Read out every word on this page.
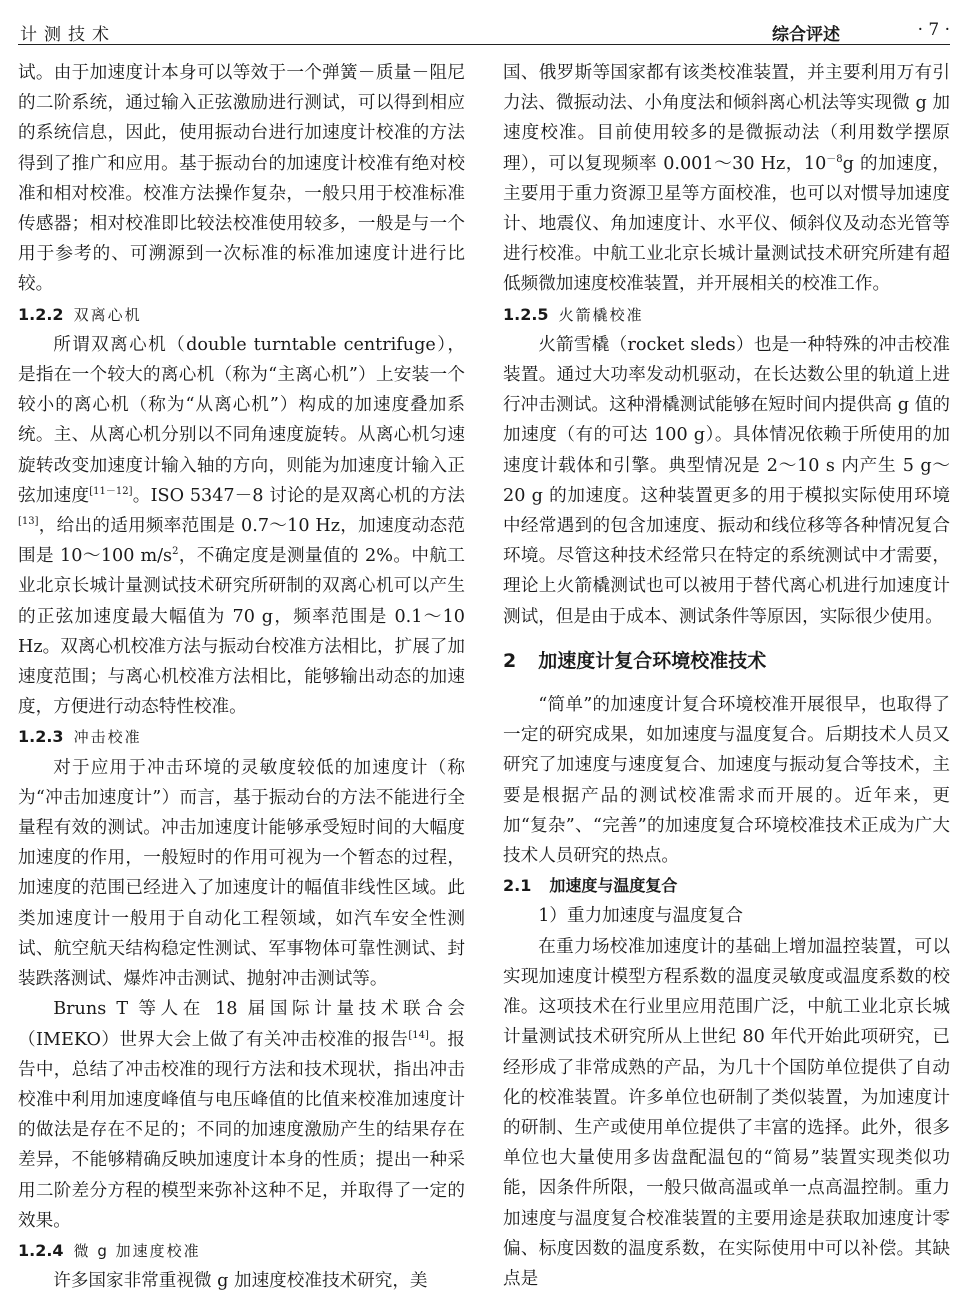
计测技术	综合评述	· 7 ·

试。由于加速度计本身可以等效于一个弹簧－质量－阻尼的二阶系统，通过输入正弦激励进行测试，可以得到相应的系统信息，因此，使用振动台进行加速度计校准的方法得到了推广和应用。基于振动台的加速度计校准有绝对校准和相对校准。校准方法操作复杂，一般只用于校准标准传感器；相对校准即比较法校准使用较多，一般是与一个用于参考的、可溯源到一次标准的标准加速度计进行比较。

1.2.2 双离心机

所谓双离心机（double turntable centrifuge），是指在一个较大的离心机（称为“主离心机”）上安装一个较小的离心机（称为“从离心机”）构成的加速度叠加系统。主、从离心机分别以不同角速度旋转。从离心机匀速旋转改变加速度计输入轴的方向，则能为加速度计输入正弦加速度[11－12]。ISO 5347－8 讨论的是双离心机的方法[13]，给出的适用频率范围是 0.7～10 Hz，加速度动态范围是 10～100 $m/s^2$，不确定度是测量值的 2%。中航工业北京长城计量测试技术研究所研制的双离心机可以产生的正弦加速度最大幅值为 70 g，频率范围是 0.1～10 Hz。双离心机校准方法与振动台校准方法相比，扩展了加速度范围；与离心机校准方法相比，能够输出动态的加速度，方便进行动态特性校准。

1.2.3 冲击校准

对于应用于冲击环境的灵敏度较低的加速度计（称为“冲击加速度计”）而言，基于振动台的方法不能进行全量程有效的测试。冲击加速度计能够承受短时间的大幅度加速度的作用，一般短时的作用可视为一个暂态的过程，加速度的范围已经进入了加速度计的幅值非线性区域。此类加速度计一般用于自动化工程领域，如汽车安全性测试、航空航天结构稳定性测试、军事物体可靠性测试、封装跌落测试、爆炸冲击测试、抛射冲击测试等。

Bruns T 等人在 18 届国际计量技术联合会（IMEKO）世界大会上做了有关冲击校准的报告[14]。报告中，总结了冲击校准的现行方法和技术现状，指出冲击校准中利用加速度峰值与电压峰值的比值来校准加速度计的做法是存在不足的；不同的加速度激励产生的结果存在差异，不能够精确反映加速度计本身的性质；提出一种采用二阶差分方程的模型来弥补这种不足，并取得了一定的效果。

1.2.4 微 g 加速度校准

许多国家非常重视微 g 加速度校准技术研究，美

国、俄罗斯等国家都有该类校准装置，并主要利用万有引力法、微振动法、小角度法和倾斜离心机法等实现微 g 加速度校准。目前使用较多的是微振动法（利用数学摆原理），可以复现频率 0.001～30 Hz，$10^{-8}g$ 的加速度，主要用于重力资源卫星等方面校准，也可以对惯导加速度计、地震仪、角加速度计、水平仪、倾斜仪及动态光管等进行校准。中航工业北京长城计量测试技术研究所建有超低频微加速度校准装置，并开展相关的校准工作。

1.2.5 火箭橇校准

火箭雪橇（rocket sleds）也是一种特殊的冲击校准装置。通过大功率发动机驱动，在长达数公里的轨道上进行冲击测试。这种滑橇测试能够在短时间内提供高 g 值的加速度（有的可达 100 g）。具体情况依赖于所使用的加速度计载体和引擎。典型情况是 2～10 s 内产生 5 g～20 g 的加速度。这种装置更多的用于模拟实际使用环境中经常遇到的包含加速度、振动和线位移等各种情况复合环境。尽管这种技术经常只在特定的系统测试中才需要，理论上火箭橇测试也可以被用于替代离心机进行加速度计测试，但是由于成本、测试条件等原因，实际很少使用。

2 加速度计复合环境校准技术

“简单”的加速度计复合环境校准开展很早，也取得了一定的研究成果，如加速度与温度复合。后期技术人员又研究了加速度与速度复合、加速度与振动复合等技术，主要是根据产品的测试校准需求而开展的。近年来，更加“复杂”、“完善”的加速度复合环境校准技术正成为广大技术人员研究的热点。

2.1 加速度与温度复合

1）重力加速度与温度复合

在重力场校准加速度计的基础上增加温控装置，可以实现加速度计模型方程系数的温度灵敏度或温度系数的校准。这项技术在行业里应用范围广泛，中航工业北京长城计量测试技术研究所从上世纪 80 年代开始此项研究，已经形成了非常成熟的产品，为几十个国防单位提供了自动化的校准装置。许多单位也研制了类似装置，为加速度计的研制、生产或使用单位提供了丰富的选择。此外，很多单位也大量使用多齿盘配温包的“简易”装置实现类似功能，因条件所限，一般只做高温或单一点高温控制。重力加速度与温度复合校准装置的主要用途是获取加速度计零偏、标度因数的温度系数，在实际使用中可以补偿。其缺点是
